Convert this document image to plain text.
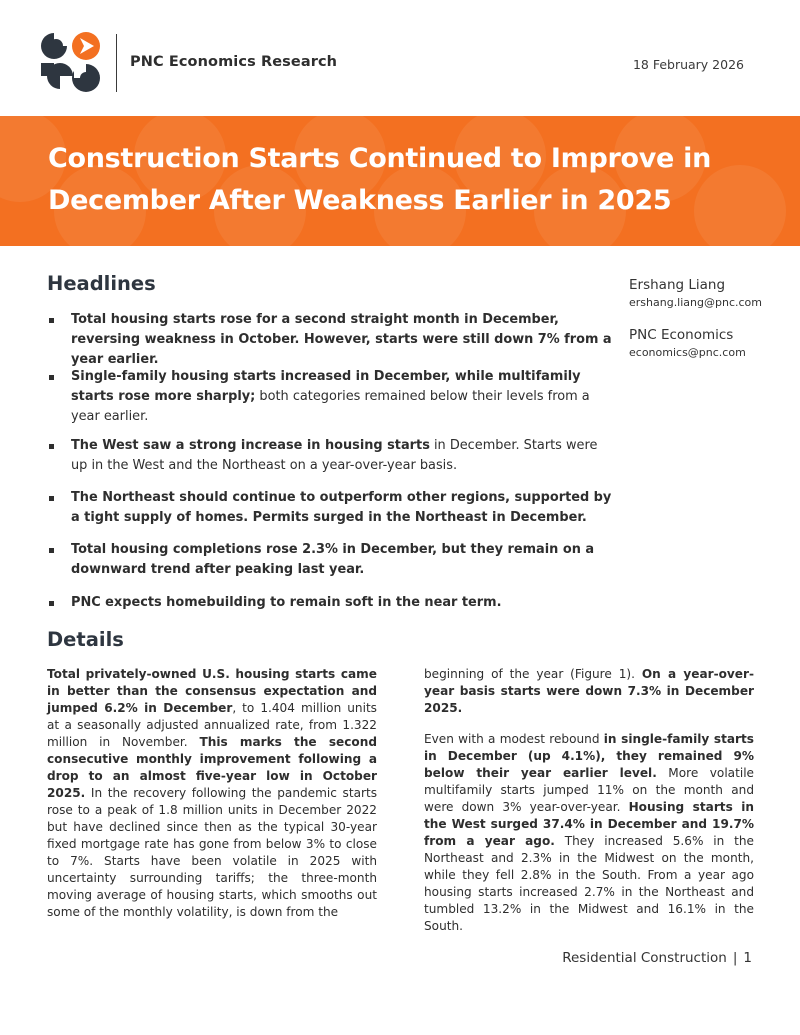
PNC Economics Research	18 February 2026
Construction Starts Continued to Improve in December After Weakness Earlier in 2025
Headlines	Ershang Liang
ershang.liang@pnc.com
PNC Economics
economics@pnc.com
Total housing starts rose for a second straight month in December, reversing weakness in October. However, starts were still down 7% from a year earlier.
Single-family housing starts increased in December, while multifamily starts rose more sharply; both categories remained below their levels from a year earlier.
The West saw a strong increase in housing starts in December. Starts were up in the West and the Northeast on a year-over-year basis.
The Northeast should continue to outperform other regions, supported by a tight supply of homes. Permits surged in the Northeast in December.
Total housing completions rose 2.3% in December, but they remain on a downward trend after peaking last year.
PNC expects homebuilding to remain soft in the near term.
Details

Total privately-owned U.S. housing starts came in better than the consensus expectation and jumped 6.2% in December, to 1.404 million units at a seasonally adjusted annualized rate, from 1.322 million in November. This marks the second consecutive monthly improvement following a drop to an almost five-year low in October 2025. In the recovery following the pandemic starts rose to a peak of 1.8 million units in December 2022 but have declined since then as the typical 30-year fixed mortgage rate has gone from below 3% to close to 7%. Starts have been volatile in 2025 with uncertainty surrounding tariffs; the three-month moving average of housing starts, which smooths out some of the monthly volatility, is down from the

beginning of the year (Figure 1). On a year-over-year basis starts were down 7.3% in December 2025.

Even with a modest rebound in single-family starts in December (up 4.1%), they remained 9% below their year earlier level. More volatile multifamily starts jumped 11% on the month and were down 3% year-over-year. Housing starts in the West surged 37.4% in December and 19.7% from a year ago. They increased 5.6% in the Northeast and 2.3% in the Midwest on the month, while they fell 2.8% in the South. From a year ago housing starts increased 2.7% in the Northeast and tumbled 13.2% in the Midwest and 16.1% in the South.

Residential Construction | 1
